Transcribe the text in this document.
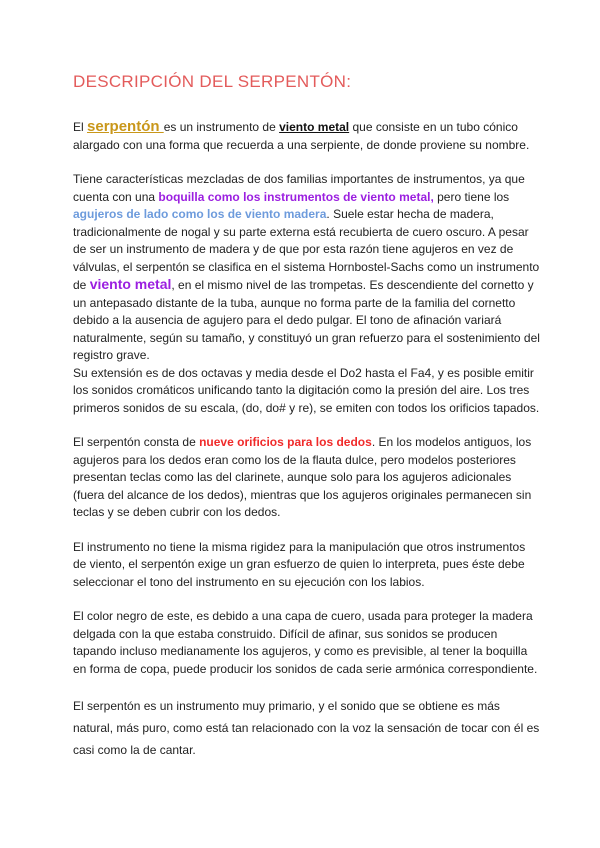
DESCRIPCIÓN DEL SERPENTÓN:

El serpentón es un instrumento de viento metal que consiste en un tubo cónico alargado con una forma que recuerda a una serpiente, de donde proviene su nombre.

Tiene características mezcladas de dos familias importantes de instrumentos, ya que cuenta con una boquilla como los instrumentos de viento metal, pero tiene los agujeros de lado como los de viento madera. Suele estar hecha de madera, tradicionalmente de nogal y su parte externa está recubierta de cuero oscuro. A pesar de ser un instrumento de madera y de que por esta razón tiene agujeros en vez de válvulas, el serpentón se clasifica en el sistema Hornbostel-Sachs como un instrumento de viento metal, en el mismo nivel de las trompetas. Es descendiente del cornetto y un antepasado distante de la tuba, aunque no forma parte de la familia del cornetto debido a la ausencia de agujero para el dedo pulgar. El tono de afinación variará naturalmente, según su tamaño, y constituyó un gran refuerzo para el sostenimiento del registro grave.
Su extensión es de dos octavas y media desde el Do2 hasta el Fa4, y es posible emitir los sonidos cromáticos unificando tanto la digitación como la presión del aire. Los tres primeros sonidos de su escala, (do, do# y re), se emiten con todos los orificios tapados.

El serpentón consta de nueve orificios para los dedos. En los modelos antiguos, los agujeros para los dedos eran como los de la flauta dulce, pero modelos posteriores presentan teclas como las del clarinete, aunque solo para los agujeros adicionales (fuera del alcance de los dedos), mientras que los agujeros originales permanecen sin teclas y se deben cubrir con los dedos.

El instrumento no tiene la misma rigidez para la manipulación que otros instrumentos de viento, el serpentón exige un gran esfuerzo de quien lo interpreta, pues éste debe seleccionar el tono del instrumento en su ejecución con los labios.

El color negro de este, es debido a una capa de cuero, usada para proteger la madera delgada con la que estaba construido. Difícil de afinar, sus sonidos se producen tapando incluso medianamente los agujeros, y como es previsible, al tener la boquilla en forma de copa, puede producir los sonidos de cada serie armónica correspondiente.

El serpentón es un instrumento muy primario, y el sonido que se obtiene es más natural, más puro, como está tan relacionado con la voz la sensación de tocar con él es casi como la de cantar.
